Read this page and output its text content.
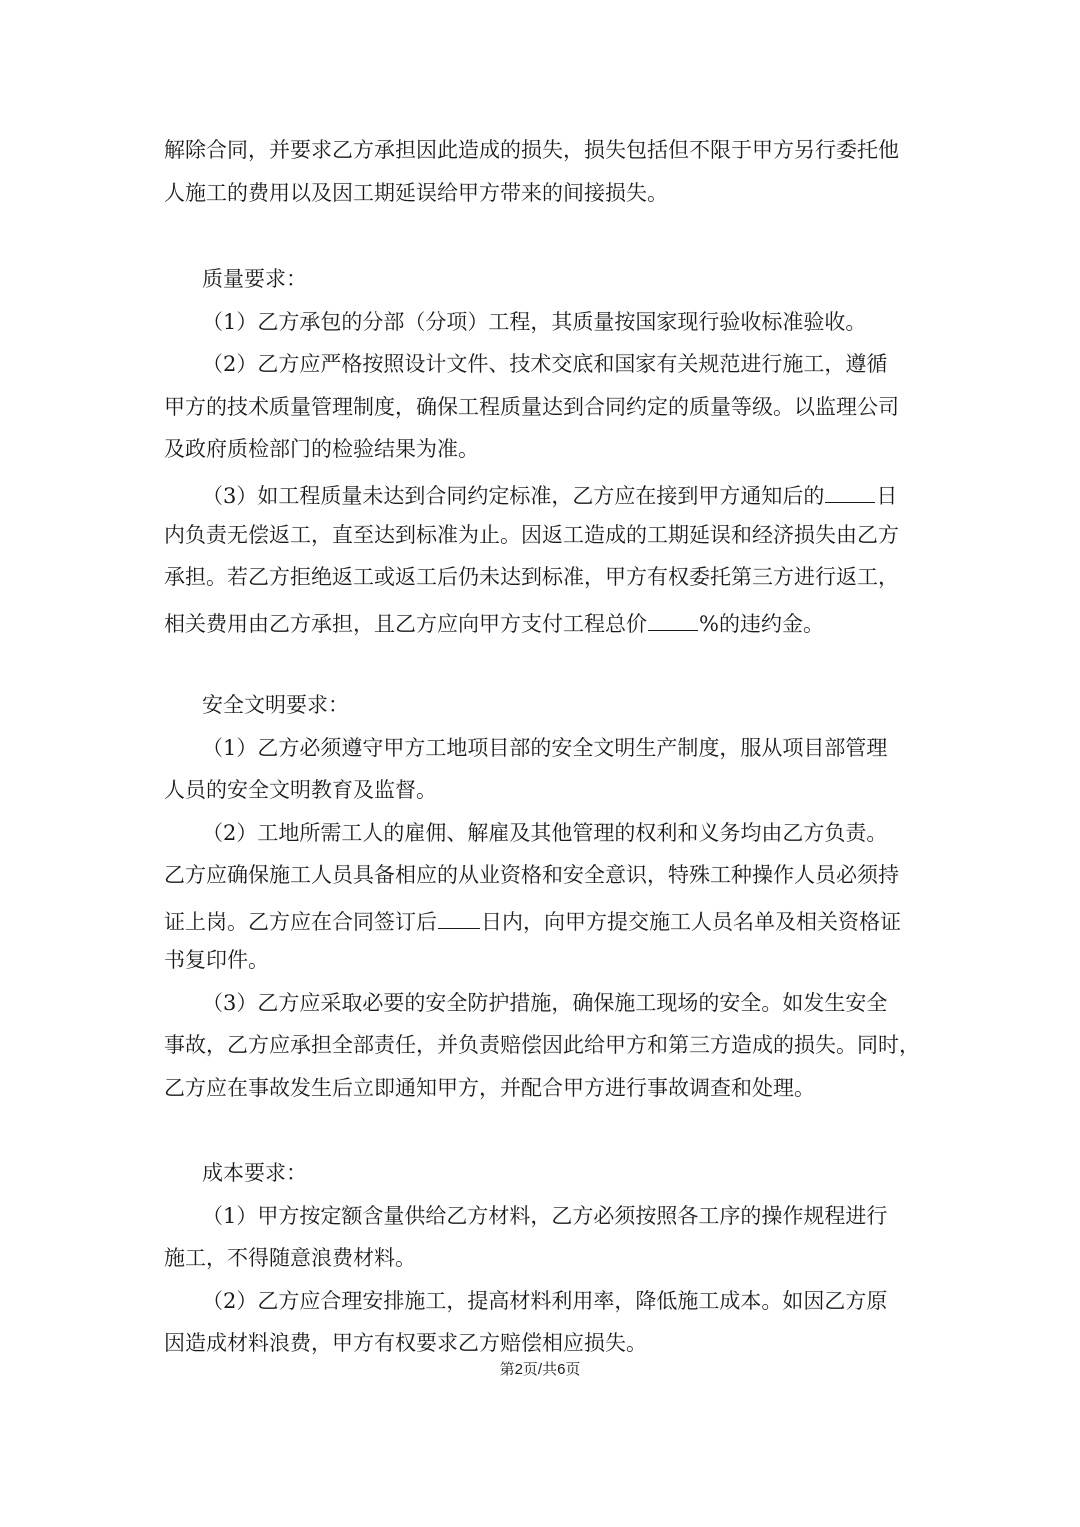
解除合同，并要求乙方承担因此造成的损失，损失包括但不限于甲方另行委托他
人施工的费用以及因工期延误给甲方带来的间接损失。
质量要求：
（1）乙方承包的分部（分项）工程，其质量按国家现行验收标准验收。
（2）乙方应严格按照设计文件、技术交底和国家有关规范进行施工，遵循
甲方的技术质量管理制度，确保工程质量达到合同约定的质量等级。以监理公司
及政府质检部门的检验结果为准。
（3）如工程质量未达到合同约定标准，乙方应在接到甲方通知后的 日
内负责无偿返工，直至达到标准为止。因返工造成的工期延误和经济损失由乙方
承担。若乙方拒绝返工或返工后仍未达到标准，甲方有权委托第三方进行返工，
相关费用由乙方承担，且乙方应向甲方支付工程总价 %的违约金。
安全文明要求：
（1）乙方必须遵守甲方工地项目部的安全文明生产制度，服从项目部管理
人员的安全文明教育及监督。
（2）工地所需工人的雇佣、解雇及其他管理的权利和义务均由乙方负责。
乙方应确保施工人员具备相应的从业资格和安全意识，特殊工种操作人员必须持
证上岗。乙方应在合同签订后 日内，向甲方提交施工人员名单及相关资格证
书复印件。
（3）乙方应采取必要的安全防护措施，确保施工现场的安全。如发生安全
事故，乙方应承担全部责任，并负责赔偿因此给甲方和第三方造成的损失。同时，
乙方应在事故发生后立即通知甲方，并配合甲方进行事故调查和处理。
成本要求：
（1）甲方按定额含量供给乙方材料，乙方必须按照各工序的操作规程进行
施工，不得随意浪费材料。
（2）乙方应合理安排施工，提高材料利用率，降低施工成本。如因乙方原
因造成材料浪费，甲方有权要求乙方赔偿相应损失。
第2页/共6页
